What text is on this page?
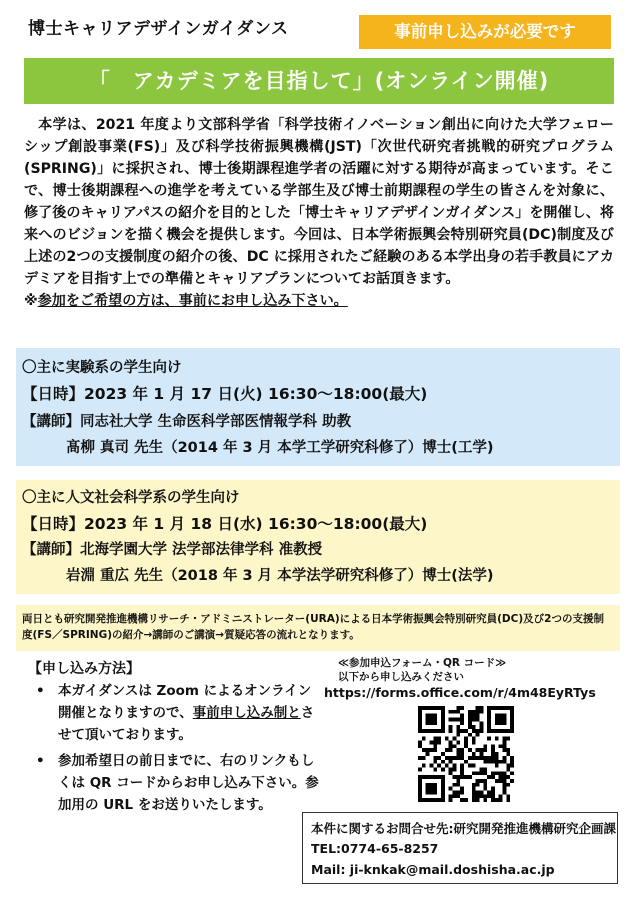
博士キャリアデザインガイダンス	事前申し込みが必要です
「　アカデミアを目指して」(オンライン開催)

本学は、2021 年度より文部科学省「科学技術イノベーション創出に向けた大学フェローシップ創設事業(FS)」及び科学技術振興機構(JST)「次世代研究者挑戦的研究プログラム(SPRING)」に採択され、博士後期課程進学者の活躍に対する期待が高まっています。そこで、博士後期課程への進学を考えている学部生及び博士前期課程の学生の皆さんを対象に、修了後のキャリアパスの紹介を目的とした「博士キャリアデザインガイダンス」を開催し、将来へのビジョンを描く機会を提供します。今回は、日本学術振興会特別研究員(DC)制度及び上述の2つの支援制度の紹介の後、DC に採用されたご経験のある本学出身の若手教員にアカデミアを目指す上での準備とキャリアプランについてお話頂きます。

※参加をご希望の方は、事前にお申し込み下さい。

〇主に実験系の学生向け
【日時】2023 年 1 月 17 日(火) 16:30～18:00(最大)
【講師】同志社大学 生命医科学部医情報学科 助教
髙柳 真司 先生（2014 年 3 月 本学工学研究科修了）博士(工学)
〇主に人文社会科学系の学生向け
【日時】2023 年 1 月 18 日(水) 16:30～18:00(最大)
【講師】北海学園大学 法学部法律学科 准教授
岩淵 重広 先生（2018 年 3 月 本学法学研究科修了）博士(法学)
両日とも研究開発推進機構リサーチ・アドミニストレーター(URA)による日本学術振興会特別研究員(DC)及び2つの支援制度(FS／SPRING)の紹介→講師のご講演→質疑応答の流れとなります。
【申し込み方法】
• 本ガイダンスは Zoom によるオンライン開催となりますので、事前申し込み制とさせて頂いております。
• 参加希望日の前日までに、右のリンクもしくは QR コードからお申し込み下さい。参加用の URL をお送りいたします。
≪参加申込フォーム・QR コード≫
以下から申し込みください
https://forms.office.com/r/4m48EyRTys
本件に関するお問合せ先:研究開発推進機構研究企画課
TEL:0774-65-8257
Mail: ji-knkak@mail.doshisha.ac.jp
